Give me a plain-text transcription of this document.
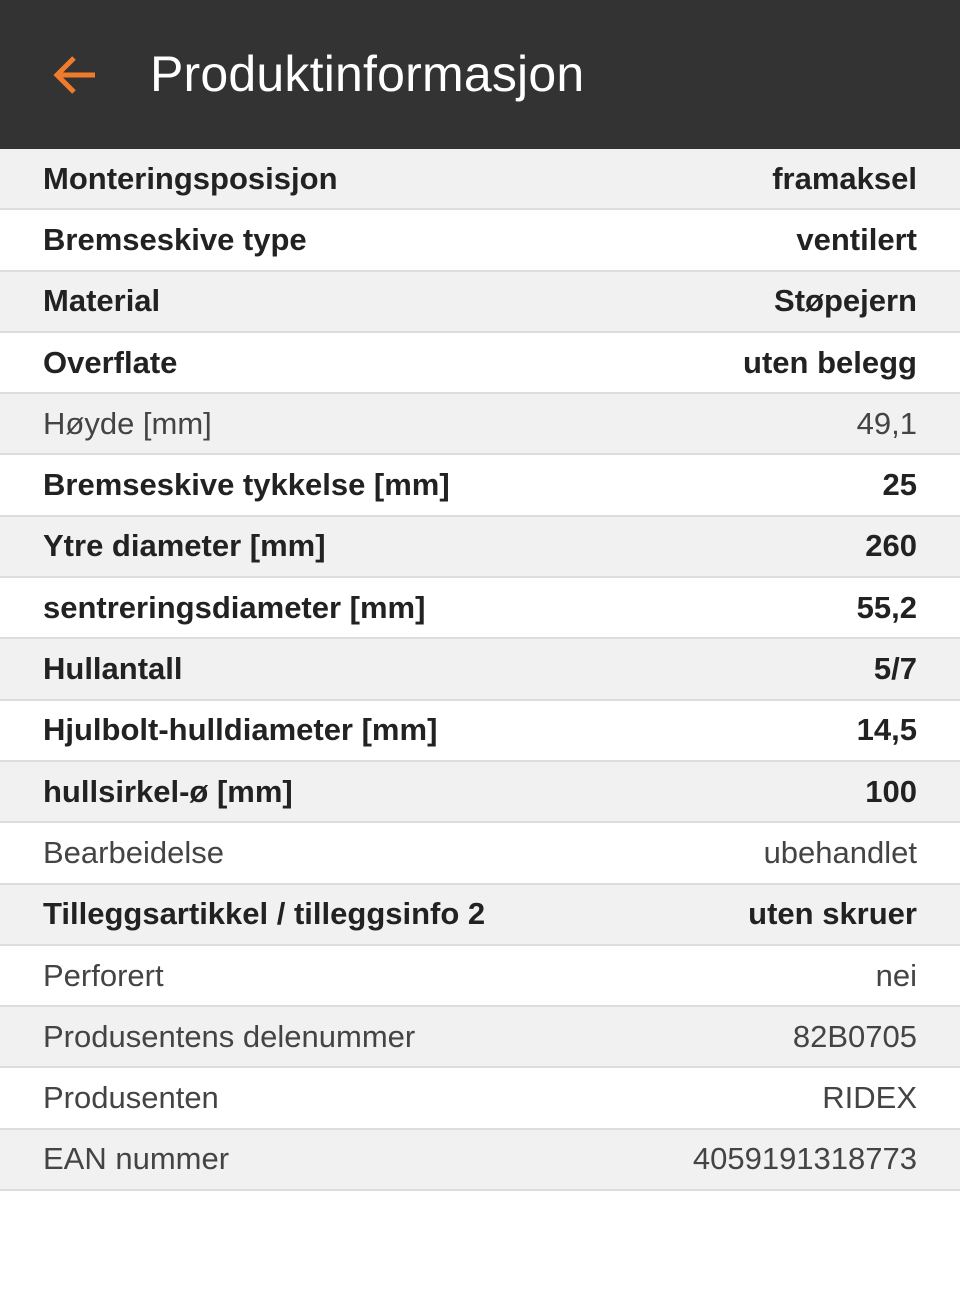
Produktinformasjon
Monteringsposisjon	framaksel
Bremseskive type	ventilert
Material	Støpejern
Overflate	uten belegg
Høyde [mm]	49,1
Bremseskive tykkelse [mm]	25
Ytre diameter [mm]	260
sentreringsdiameter [mm]	55,2
Hullantall	5/7
Hjulbolt-hulldiameter [mm]	14,5
hullsirkel-ø [mm]	100
Bearbeidelse	ubehandlet
Tilleggsartikkel / tilleggsinfo 2	uten skruer
Perforert	nei
Produsentens delenummer	82B0705
Produsenten	RIDEX
EAN nummer	4059191318773
